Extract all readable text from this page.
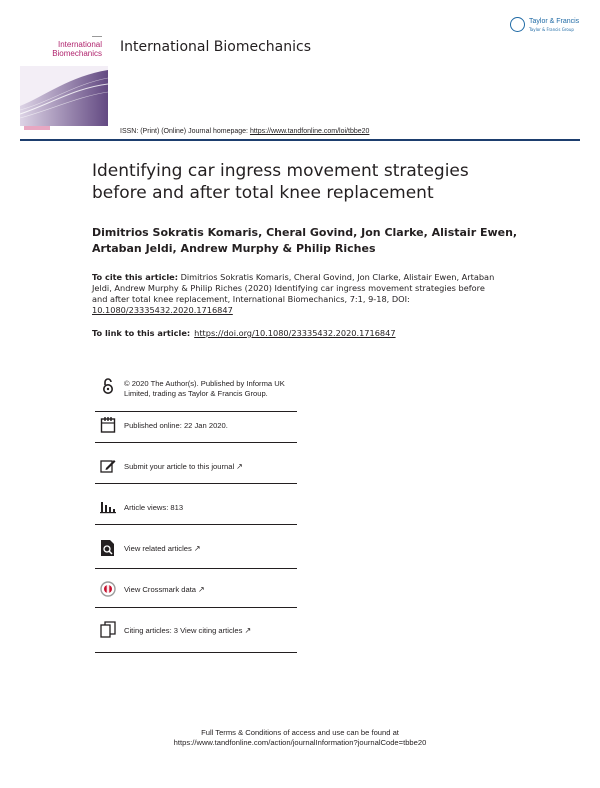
International
Biomechanics International Biomechanics
Taylor & Francis
Taylor & Francis Group
ISSN: (Print) (Online) Journal homepage: https://www.tandfonline.com/loi/tbbe20
Identifying car ingress movement strategies before and after total knee replacement
Dimitrios Sokratis Komaris, Cheral Govind, Jon Clarke, Alistair Ewen, Artaban Jeldi, Andrew Murphy & Philip Riches
To cite this article: Dimitrios Sokratis Komaris, Cheral Govind, Jon Clarke, Alistair Ewen, Artaban Jeldi, Andrew Murphy & Philip Riches (2020) Identifying car ingress movement strategies before and after total knee replacement, International Biomechanics, 7:1, 9-18, DOI: 10.1080/23335432.2020.1716847
To link to this article: https://doi.org/10.1080/23335432.2020.1716847
© 2020 The Author(s). Published by Informa UK Limited, trading as Taylor & Francis Group.
Published online: 22 Jan 2020.
Submit your article to this journal ↗
Article views: 813
View related articles ↗
View Crossmark data ↗
Citing articles: 3 View citing articles ↗
Full Terms & Conditions of access and use can be found at
https://www.tandfonline.com/action/journalInformation?journalCode=tbbe20
